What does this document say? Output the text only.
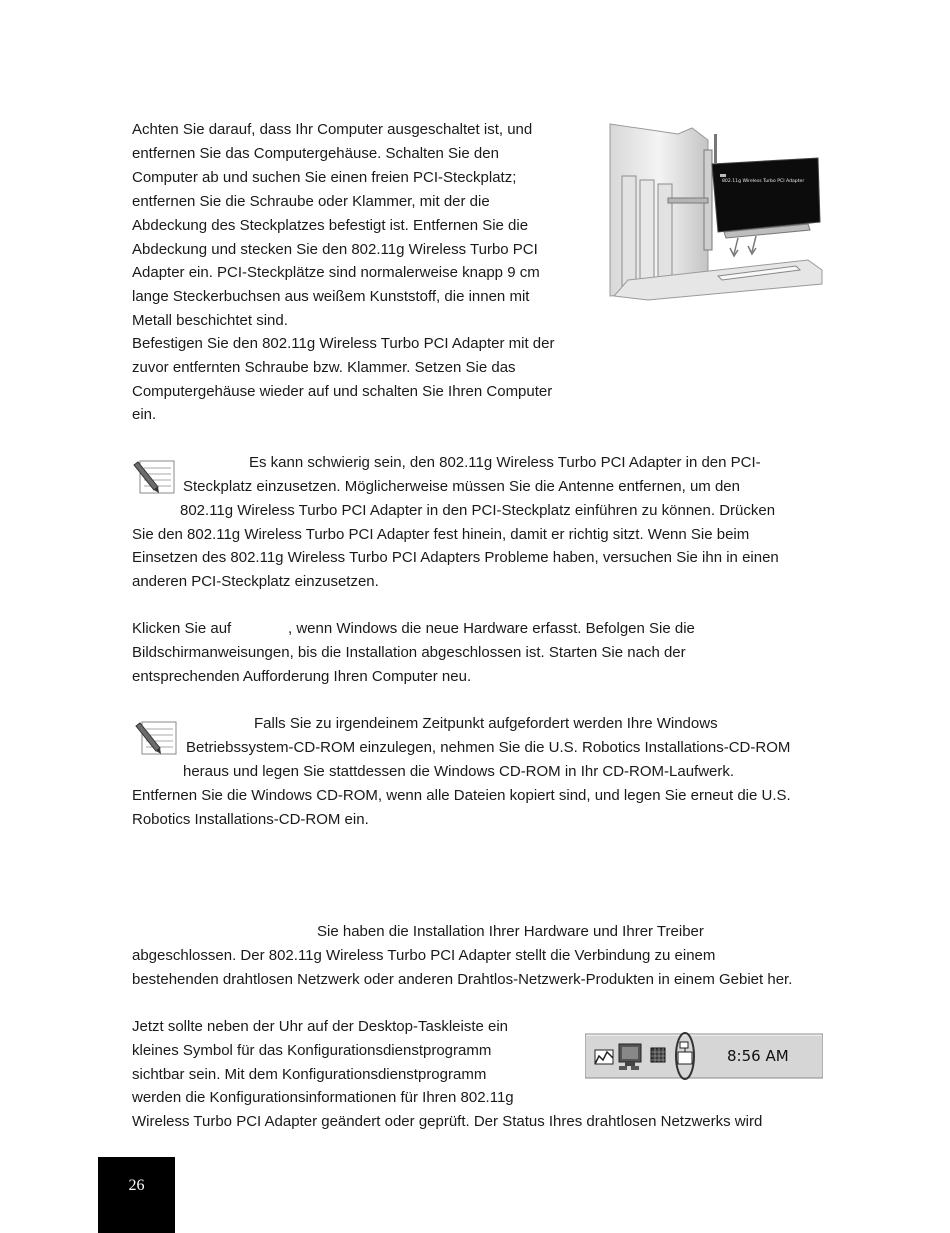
Achten Sie darauf, dass Ihr Computer ausgeschaltet ist, und
entfernen Sie das Computergehäuse. Schalten Sie den
Computer ab und suchen Sie einen freien PCI-Steckplatz;
entfernen Sie die Schraube oder Klammer, mit der die
Abdeckung des Steckplatzes befestigt ist. Entfernen Sie die
Abdeckung und stecken Sie den 802.11g Wireless Turbo PCI
Adapter ein. PCI-Steckplätze sind normalerweise knapp 9 cm
lange Steckerbuchsen aus weißem Kunststoff, die innen mit
Metall beschichtet sind.
Befestigen Sie den 802.11g Wireless Turbo PCI Adapter mit der
zuvor entfernten Schraube bzw. Klammer. Setzen Sie das
Computergehäuse wieder auf und schalten Sie Ihren Computer
ein.
802.11g Wireless Turbo PCI Adapter
Es kann schwierig sein, den 802.11g Wireless Turbo PCI Adapter in den PCI-
Steckplatz einzusetzen. Möglicherweise müssen Sie die Antenne entfernen, um den
802.11g Wireless Turbo PCI Adapter in den PCI-Steckplatz einführen zu können. Drücken
Sie den 802.11g Wireless Turbo PCI Adapter fest hinein, damit er richtig sitzt. Wenn Sie beim
Einsetzen des 802.11g Wireless Turbo PCI Adapters Probleme haben, versuchen Sie ihn in einen
anderen PCI-Steckplatz einzusetzen.
Klicken Sie auf	, wenn Windows die neue Hardware erfasst. Befolgen Sie die
Bildschirmanweisungen, bis die Installation abgeschlossen ist. Starten Sie nach der
entsprechenden Aufforderung Ihren Computer neu.
Falls Sie zu irgendeinem Zeitpunkt aufgefordert werden Ihre Windows
Betriebssystem-CD-ROM einzulegen, nehmen Sie die U.S. Robotics Installations-CD-ROM
heraus und legen Sie stattdessen die Windows CD-ROM in Ihr CD-ROM-Laufwerk.
Entfernen Sie die Windows CD-ROM, wenn alle Dateien kopiert sind, und legen Sie erneut die U.S.
Robotics Installations-CD-ROM ein.
Sie haben die Installation Ihrer Hardware und Ihrer Treiber
abgeschlossen. Der 802.11g Wireless Turbo PCI Adapter stellt die Verbindung zu einem
bestehenden drahtlosen Netzwerk oder anderen Drahtlos-Netzwerk-Produkten in einem Gebiet her.
Jetzt sollte neben der Uhr auf der Desktop-Taskleiste ein
kleines Symbol für das Konfigurationsdienstprogramm
sichtbar sein. Mit dem Konfigurationsdienstprogramm
werden die Konfigurationsinformationen für Ihren 802.11g
Wireless Turbo PCI Adapter geändert oder geprüft. Der Status Ihres drahtlosen Netzwerks wird
8:56 AM
26
